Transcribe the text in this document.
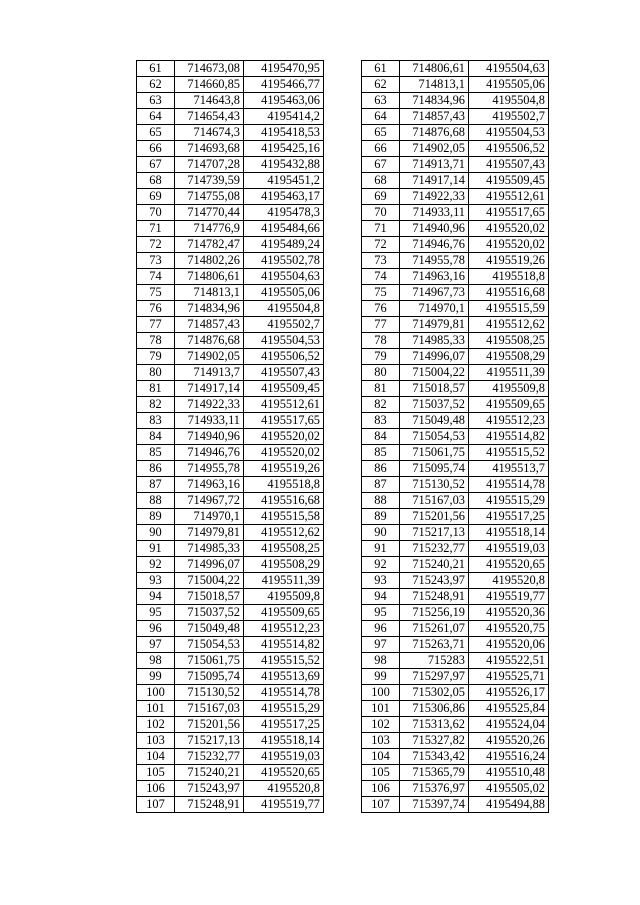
61	714673,08	4195470,95
62	714660,85	4195466,77
63	714643,8	4195463,06
64	714654,43	4195414,2
65	714674,3	4195418,53
66	714693,68	4195425,16
67	714707,28	4195432,88
68	714739,59	4195451,2
69	714755,08	4195463,17
70	714770,44	4195478,3
71	714776,9	4195484,66
72	714782,47	4195489,24
73	714802,26	4195502,78
74	714806,61	4195504,63
75	714813,1	4195505,06
76	714834,96	4195504,8
77	714857,43	4195502,7
78	714876,68	4195504,53
79	714902,05	4195506,52
80	714913,7	4195507,43
81	714917,14	4195509,45
82	714922,33	4195512,61
83	714933,11	4195517,65
84	714940,96	4195520,02
85	714946,76	4195520,02
86	714955,78	4195519,26
87	714963,16	4195518,8
88	714967,72	4195516,68
89	714970,1	4195515,58
90	714979,81	4195512,62
91	714985,33	4195508,25
92	714996,07	4195508,29
93	715004,22	4195511,39
94	715018,57	4195509,8
95	715037,52	4195509,65
96	715049,48	4195512,23
97	715054,53	4195514,82
98	715061,75	4195515,52
99	715095,74	4195513,69
100	715130,52	4195514,78
101	715167,03	4195515,29
102	715201,56	4195517,25
103	715217,13	4195518,14
104	715232,77	4195519,03
105	715240,21	4195520,65
106	715243,97	4195520,8
107	715248,91	4195519,77
61	714806,61	4195504,63
62	714813,1	4195505,06
63	714834,96	4195504,8
64	714857,43	4195502,7
65	714876,68	4195504,53
66	714902,05	4195506,52
67	714913,71	4195507,43
68	714917,14	4195509,45
69	714922,33	4195512,61
70	714933,11	4195517,65
71	714940,96	4195520,02
72	714946,76	4195520,02
73	714955,78	4195519,26
74	714963,16	4195518,8
75	714967,73	4195516,68
76	714970,1	4195515,59
77	714979,81	4195512,62
78	714985,33	4195508,25
79	714996,07	4195508,29
80	715004,22	4195511,39
81	715018,57	4195509,8
82	715037,52	4195509,65
83	715049,48	4195512,23
84	715054,53	4195514,82
85	715061,75	4195515,52
86	715095,74	4195513,7
87	715130,52	4195514,78
88	715167,03	4195515,29
89	715201,56	4195517,25
90	715217,13	4195518,14
91	715232,77	4195519,03
92	715240,21	4195520,65
93	715243,97	4195520,8
94	715248,91	4195519,77
95	715256,19	4195520,36
96	715261,07	4195520,75
97	715263,71	4195520,06
98	715283	4195522,51
99	715297,97	4195525,71
100	715302,05	4195526,17
101	715306,86	4195525,84
102	715313,62	4195524,04
103	715327,82	4195520,26
104	715343,42	4195516,24
105	715365,79	4195510,48
106	715376,97	4195505,02
107	715397,74	4195494,88
